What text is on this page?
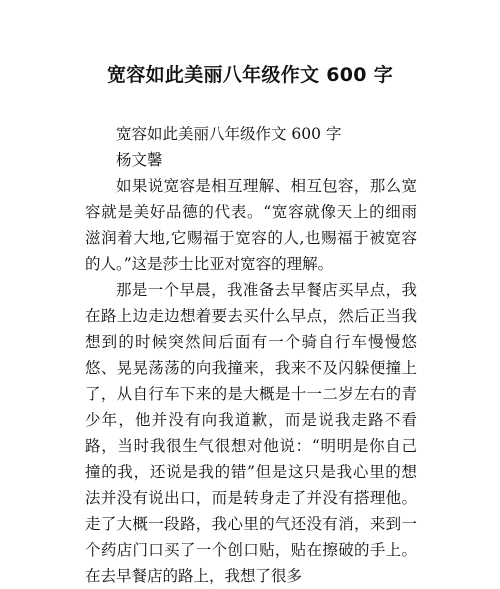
宽容如此美丽八年级作文 600 字

宽容如此美丽八年级作文 600 字

杨文馨

如果说宽容是相互理解、相互包容，那么宽容就是美好品德的代表。“宽容就像天上的细雨滋润着大地,它赐福于宽容的人,也赐福于被宽容的人。”这是莎士比亚对宽容的理解。

那是一个早晨，我准备去早餐店买早点，我在路上边走边想着要去买什么早点，然后正当我想到的时候突然间后面有一个骑自行车慢慢悠悠、晃晃荡荡的向我撞来，我来不及闪躲便撞上了，从自行车下来的是大概是十一二岁左右的青少年，他并没有向我道歉，而是说我走路不看路，当时我很生气很想对他说：“明明是你自己撞的我，还说是我的错”但是这只是我心里的想法并没有说出口，而是转身走了并没有搭理他。走了大概一段路，我心里的气还没有消，来到一个药店门口买了一个创口贴，贴在擦破的手上。在去早餐店的路上，我想了很多
